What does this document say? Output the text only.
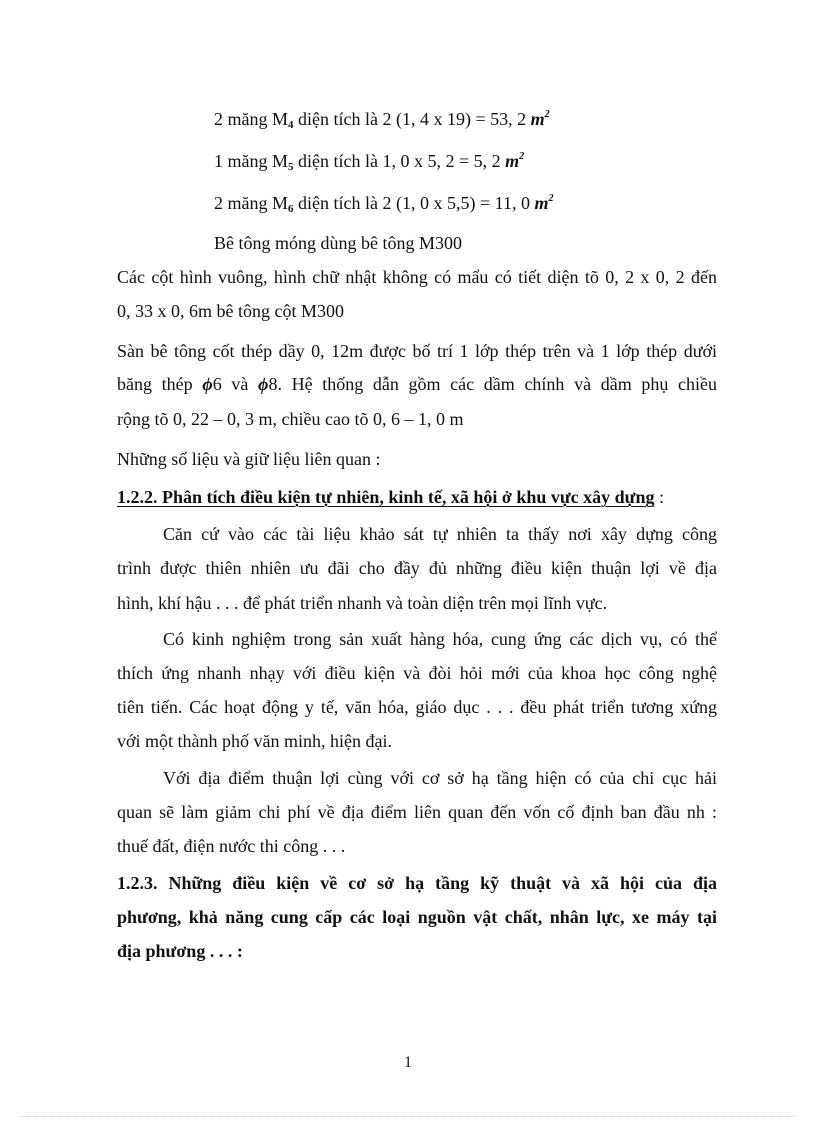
2 măng $M_4$ diện tích là 2 (1, 4 x 19) = 53, 2 $m^2$
1 măng $M_5$ diện tích là 1, 0 x 5, 2 = 5, 2 $m^2$
2 măng $M_6$ diện tích là 2 (1, 0 x 5,5) = 11, 0 $m^2$
Bê tông móng dùng bê tông M300
Các cột hình vuông, hình chữ nhật không có mẩu có tiết diện tõ 0, 2 x 0, 2 đến
0, 33 x 0, 6m bê tông cột M300
Sàn bê tông cốt thép dầy 0, 12m được bố trí 1 lớp thép trên và 1 lớp thép dưới
băng thép ϕ6 và ϕ8. Hệ thống dẫn gồm các dầm chính và dầm phụ chiều
rộng tõ 0, 22 – 0, 3 m, chiều cao tõ 0, 6 – 1, 0 m
Những số liệu và giữ liệu liên quan :
1.2.2. Phân tích điều kiện tự nhiên, kinh tế, xã hội ở khu vực xây dựng :
Căn cứ vào các tài liệu khảo sát tự nhiên ta thấy nơi xây dựng công
trình được thiên nhiên ưu đãi cho đầy đủ những điều kiện thuận lợi về địa
hình, khí hậu . . . để phát triển nhanh và toàn diện trên mọi lĩnh vực.
Có kinh nghiệm trong sản xuất hàng hóa, cung ứng các dịch vụ, có thể
thích ứng nhanh nhạy với điều kiện và đòi hỏi mới của khoa học công nghệ
tiên tiến. Các hoạt động y tế, văn hóa, giáo dục . . . đều phát triển tương xứng
với một thành phố văn minh, hiện đại.
Với địa điểm thuận lợi cùng với cơ sở hạ tầng hiện có của chi cục hải
quan sẽ làm giảm chi phí về địa điểm liên quan đến vốn cố định ban đầu nh :
thuế đất, điện nước thi công . . .
1.2.3. Những điều kiện về cơ sở hạ tầng kỹ thuật và xã hội của địa
phương, khả năng cung cấp các loại nguồn vật chất, nhân lực, xe máy tại
địa phương . . . :
1
